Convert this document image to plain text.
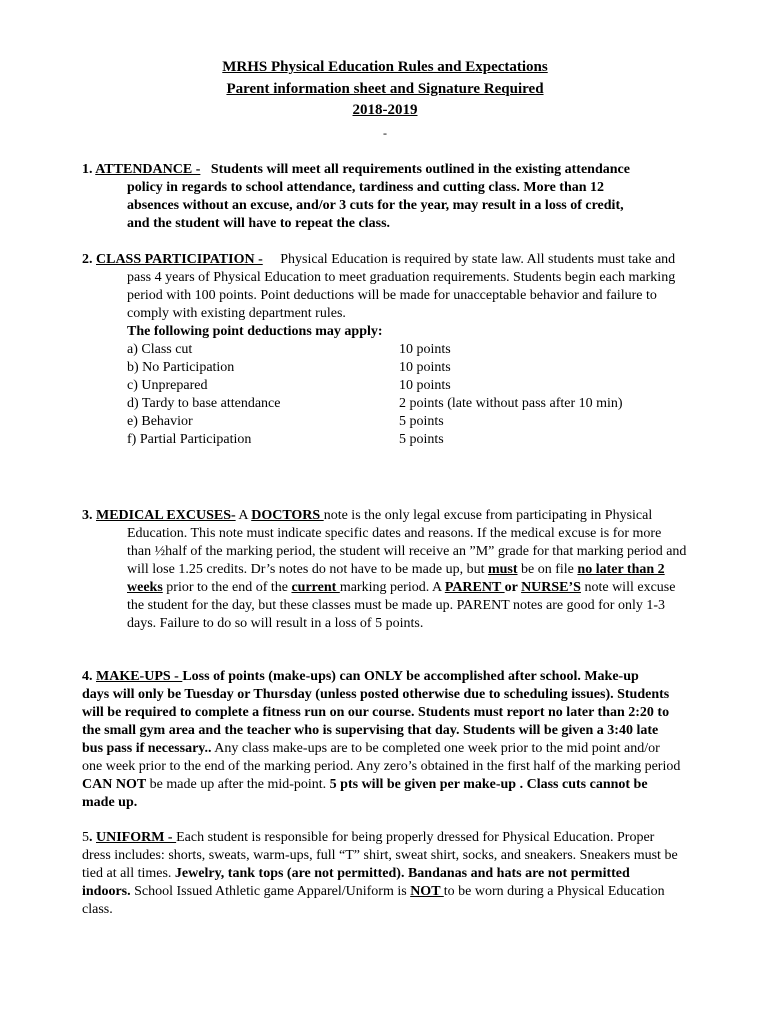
MRHS Physical Education Rules and Expectations
Parent information sheet and Signature Required
2018-2019
-
1. ATTENDANCE - Students will meet all requirements outlined in the existing attendance
policy in regards to school attendance, tardiness and cutting class. More than 12
absences without an excuse, and/or 3 cuts for the year, may result in a loss of credit,
and the student will have to repeat the class.
2. CLASS PARTICIPATION - Physical Education is required by state law. All students must take and
pass 4 years of Physical Education to meet graduation requirements. Students begin each marking
period with 100 points. Point deductions will be made for unacceptable behavior and failure to
comply with existing department rules.
The following point deductions may apply:
a) Class cut	10 points
b) No Participation	10 points
c) Unprepared	10 points
d) Tardy to base attendance	2 points (late without pass after 10 min)
e) Behavior	5 points
f) Partial Participation	5 points
3. MEDICAL EXCUSES- A DOCTORS note is the only legal excuse from participating in Physical
Education. This note must indicate specific dates and reasons. If the medical excuse is for more
than ½half of the marking period, the student will receive an ”M” grade for that marking period and
will lose 1.25 credits. Dr’s notes do not have to be made up, but must be on file no later than 2
weeks prior to the end of the current marking period. A PARENT or NURSE’S note will excuse
the student for the day, but these classes must be made up. PARENT notes are good for only 1-3
days. Failure to do so will result in a loss of 5 points.
4. MAKE-UPS - Loss of points (make-ups) can ONLY be accomplished after school. Make-up
days will only be Tuesday or Thursday (unless posted otherwise due to scheduling issues). Students
will be required to complete a fitness run on our course. Students must report no later than 2:20 to
the small gym area and the teacher who is supervising that day. Students will be given a 3:40 late
bus pass if necessary.. Any class make-ups are to be completed one week prior to the mid point and/or
one week prior to the end of the marking period. Any zero’s obtained in the first half of the marking period
CAN NOT be made up after the mid-point. 5 pts will be given per make-up . Class cuts cannot be
made up.
5. UNIFORM - Each student is responsible for being properly dressed for Physical Education. Proper
dress includes: shorts, sweats, warm-ups, full “T” shirt, sweat shirt, socks, and sneakers. Sneakers must be
tied at all times. Jewelry, tank tops (are not permitted). Bandanas and hats are not permitted
indoors. School Issued Athletic game Apparel/Uniform is NOT to be worn during a Physical Education
class.
